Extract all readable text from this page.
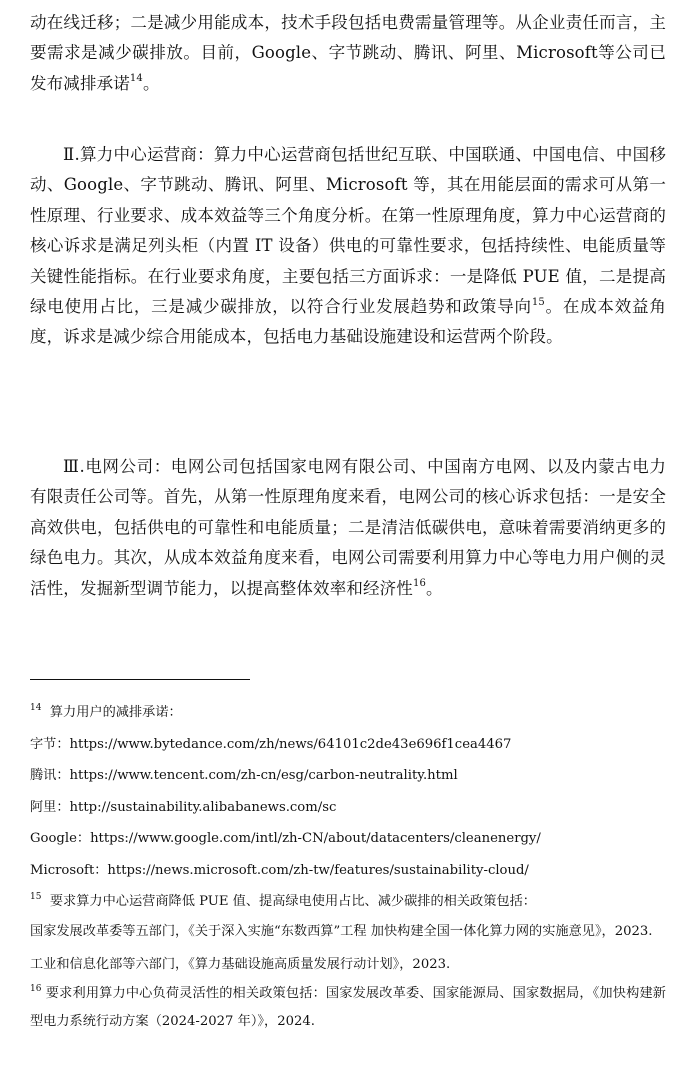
动在线迁移；二是减少用能成本，技术手段包括电费需量管理等。从企业责任而言，主要需求是减少碳排放。目前，Google、字节跳动、腾讯、阿里、Microsoft等公司已发布减排承诺$^{14}$。

Ⅱ.算力中心运营商：算力中心运营商包括世纪互联、中国联通、中国电信、中国移动、Google、字节跳动、腾讯、阿里、Microsoft 等，其在用能层面的需求可从第一性原理、行业要求、成本效益等三个角度分析。在第一性原理角度，算力中心运营商的核心诉求是满足列头柜（内置 IT 设备）供电的可靠性要求，包括持续性、电能质量等关键性能指标。在行业要求角度，主要包括三方面诉求：一是降低 PUE 值，二是提高绿电使用占比，三是减少碳排放，以符合行业发展趋势和政策导向$^{15}$。在成本效益角度，诉求是减少综合用能成本，包括电力基础设施建设和运营两个阶段。

Ⅲ.电网公司：电网公司包括国家电网有限公司、中国南方电网、以及内蒙古电力有限责任公司等。首先，从第一性原理角度来看，电网公司的核心诉求包括：一是安全高效供电，包括供电的可靠性和电能质量；二是清洁低碳供电，意味着需要消纳更多的绿色电力。其次，从成本效益角度来看，电网公司需要利用算力中心等电力用户侧的灵活性，发掘新型调节能力，以提高整体效率和经济性$^{16}$。

$^{14}$ 算力用户的减排承诺：

字节：https://www.bytedance.com/zh/news/64101c2de43e696f1cea4467

腾讯：https://www.tencent.com/zh-cn/esg/carbon-neutrality.html

阿里：http://sustainability.alibabanews.com/sc

Google：https://www.google.com/intl/zh-CN/about/datacenters/cleanenergy/

Microsoft：https://news.microsoft.com/zh-tw/features/sustainability-cloud/

$^{15}$ 要求算力中心运营商降低 PUE 值、提高绿电使用占比、减少碳排的相关政策包括：

国家发展改革委等五部门，《关于深入实施“东数西算”工程 加快构建全国一体化算力网的实施意见》，2023.

工业和信息化部等六部门，《算力基础设施高质量发展行动计划》，2023.

$^{16}$ 要求利用算力中心负荷灵活性的相关政策包括：国家发展改革委、国家能源局、国家数据局，《加快构建新型电力系统行动方案（2024-2027 年）》，2024.
